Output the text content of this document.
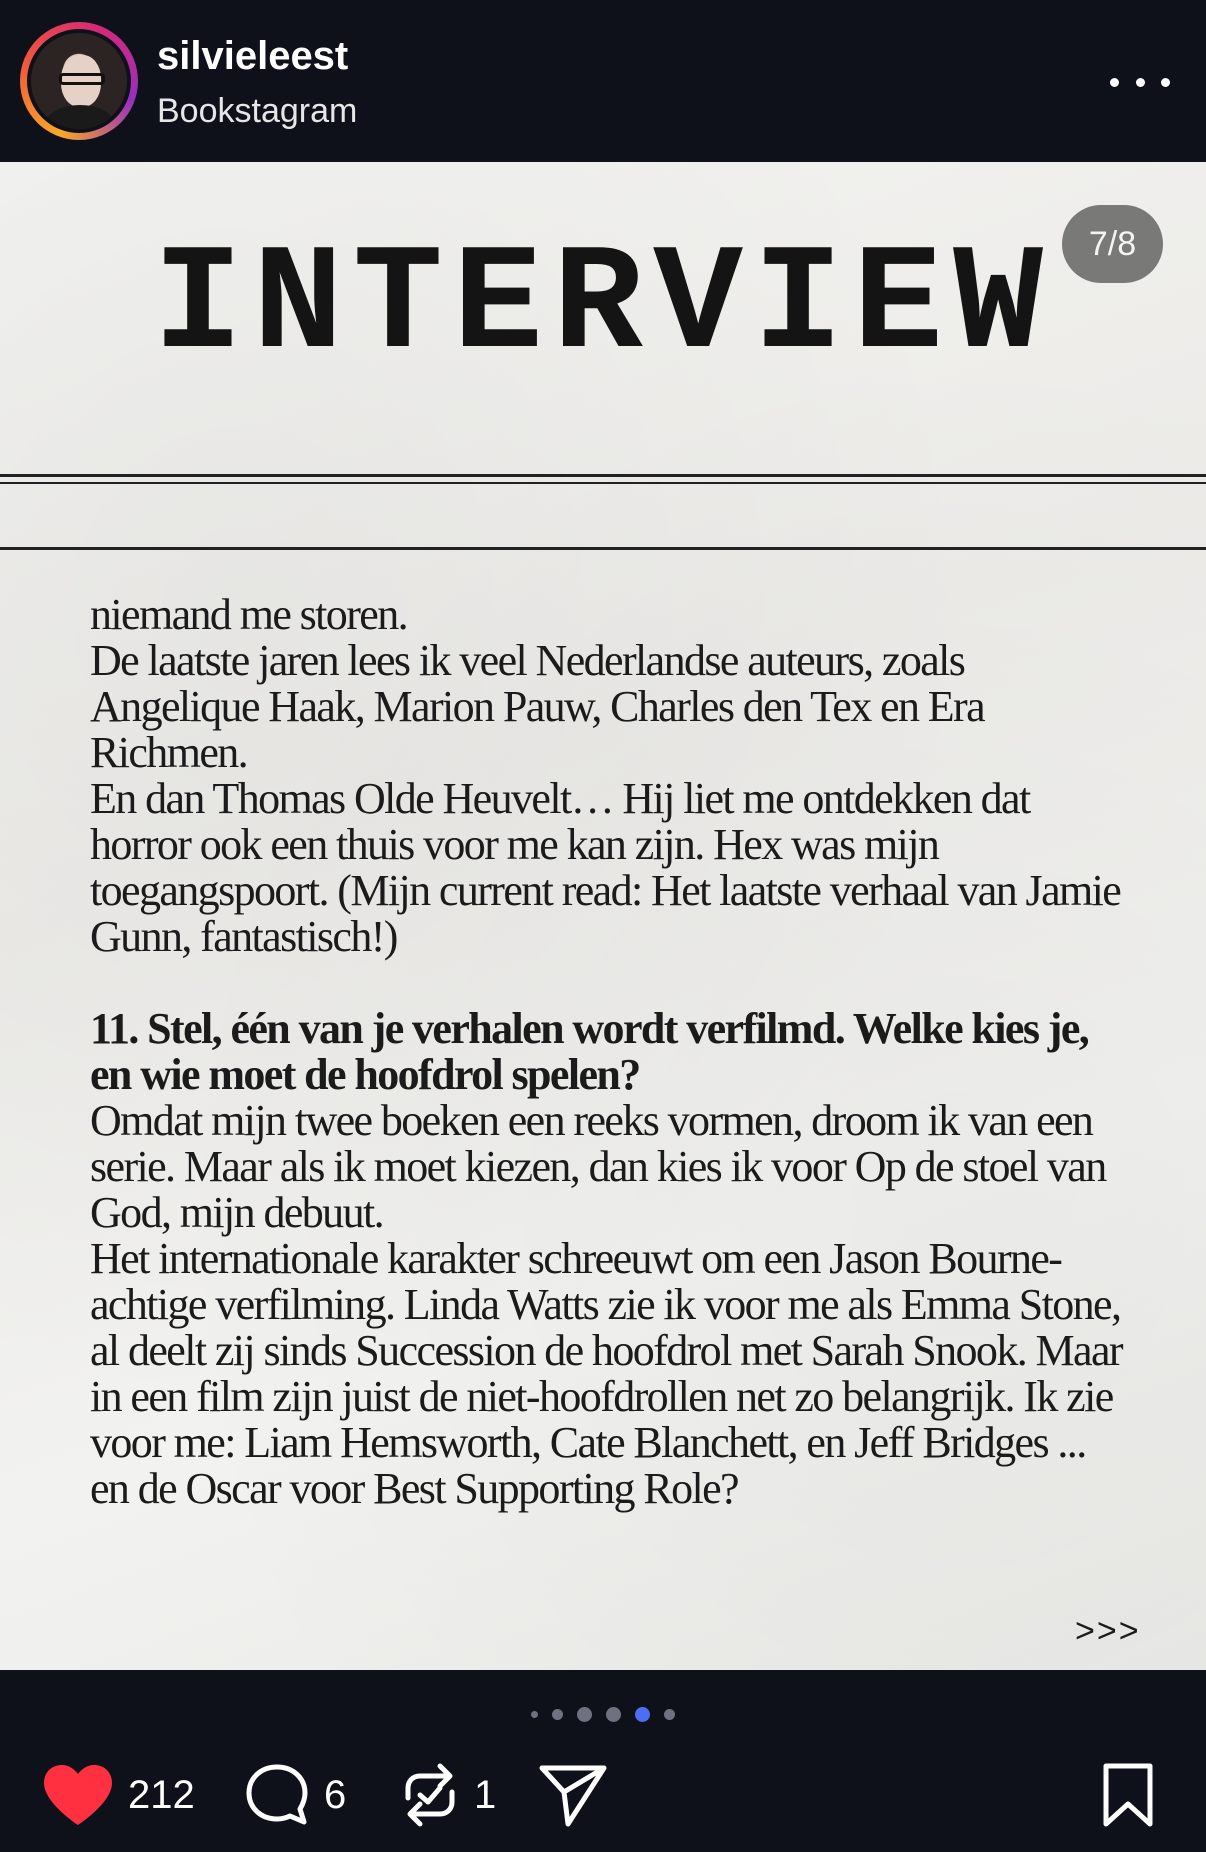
silvieleest
Bookstagram
INTERVIEW	7/8

niemand me storen.

De laatste jaren lees ik veel Nederlandse auteurs, zoals Angelique Haak, Marion Pauw, Charles den Tex en Era Richmen.

En dan Thomas Olde Heuvelt… Hij liet me ontdekken dat horror ook een thuis voor me kan zijn. Hex was mijn toegangspoort. (Mijn current read: Het laatste verhaal van Jamie Gunn, fantastisch!)

11. Stel, één van je verhalen wordt verfilmd. Welke kies je, en wie moet de hoofdrol spelen?

Omdat mijn twee boeken een reeks vormen, droom ik van een serie. Maar als ik moet kiezen, dan kies ik voor Op de stoel van God, mijn debuut.

Het internationale karakter schreeuwt om een Jason Bourne-achtige verfilming. Linda Watts zie ik voor me als Emma Stone, al deelt zij sinds Succession de hoofdrol met Sarah Snook. Maar in een film zijn juist de niet-hoofdrollen net zo belangrijk. Ik zie voor me: Liam Hemsworth, Cate Blanchett, en Jeff Bridges ... en de Oscar voor Best Supporting Role?

>>>
212	6	1
